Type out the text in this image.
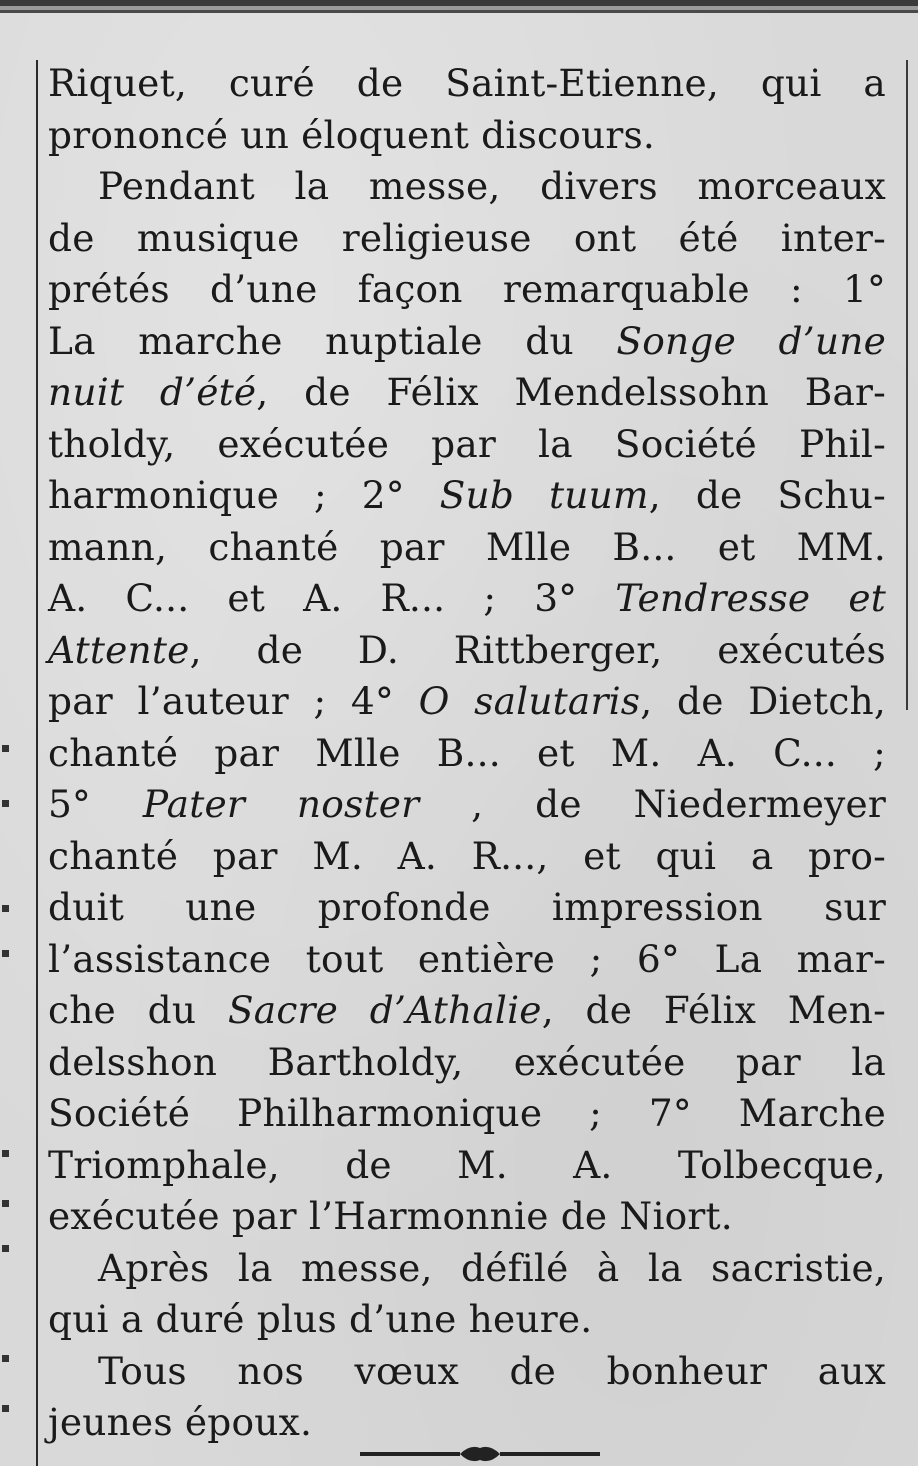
Riquet, curé de Saint-Etienne, qui a
prononcé un éloquent discours.
Pendant la messe, divers morceaux
de musique religieuse ont été inter-
prétés d’une façon remarquable : 1°
La marche nuptiale du Songe d’une
nuit d’été, de Félix Mendelssohn Bar-
tholdy, exécutée par la Société Phil-
harmonique ; 2° Sub tuum, de Schu-
mann, chanté par Mlle B... et MM.
A. C... et A. R... ; 3° Tendresse et
Attente, de D. Rittberger, exécutés
par l’auteur ; 4° O salutaris, de Dietch,
chanté par Mlle B... et M. A. C... ;
5° Pater noster , de Niedermeyer
chanté par M. A. R..., et qui a pro-
duit une profonde impression sur
l’assistance tout entière ; 6° La mar-
che du Sacre d’Athalie, de Félix Men-
delsshon Bartholdy, exécutée par la
Société Philharmonique ; 7° Marche
Triomphale, de M. A. Tolbecque,
exécutée par l’Harmonnie de Niort.
Après la messe, défilé à la sacristie,
qui a duré plus d’une heure.
Tous nos vœux de bonheur aux
jeunes époux.
